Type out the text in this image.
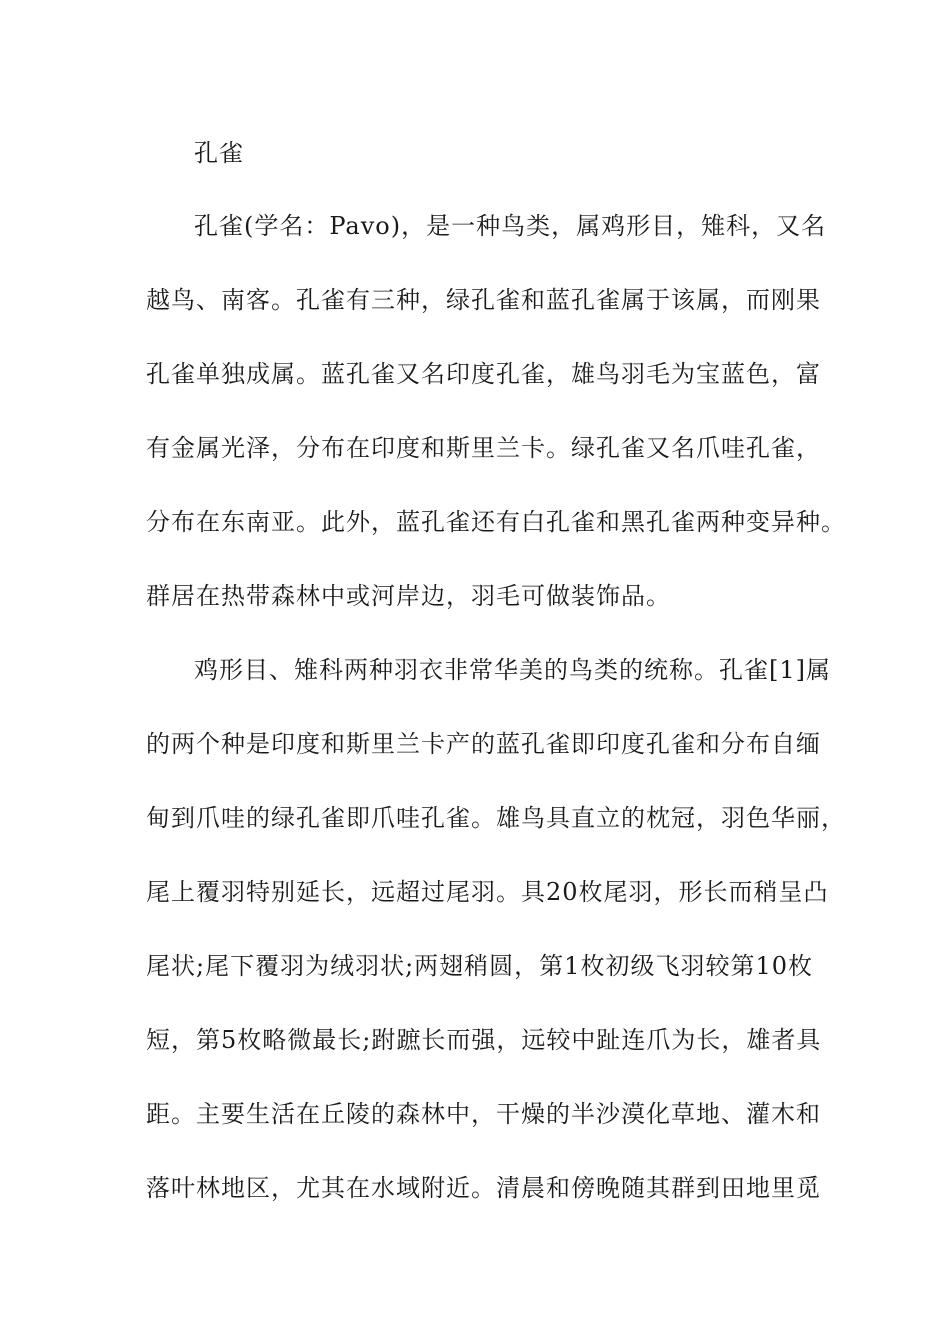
孔雀
孔雀(学名：Pavo)，是一种鸟类，属鸡形目，雉科，又名
越鸟、南客。孔雀有三种，绿孔雀和蓝孔雀属于该属，而刚果
孔雀单独成属。蓝孔雀又名印度孔雀，雄鸟羽毛为宝蓝色，富
有金属光泽，分布在印度和斯里兰卡。绿孔雀又名爪哇孔雀，
分布在东南亚。此外，蓝孔雀还有白孔雀和黑孔雀两种变异种。
群居在热带森林中或河岸边，羽毛可做装饰品。
鸡形目、雉科两种羽衣非常华美的鸟类的统称。孔雀[1]属
的两个种是印度和斯里兰卡产的蓝孔雀即印度孔雀和分布自缅
甸到爪哇的绿孔雀即爪哇孔雀。雄鸟具直立的枕冠，羽色华丽，
尾上覆羽特别延长，远超过尾羽。具20枚尾羽，形长而稍呈凸
尾状;尾下覆羽为绒羽状;两翅稍圆，第1枚初级飞羽较第10枚
短，第5枚略微最长;跗蹠长而强，远较中趾连爪为长，雄者具
距。主要生活在丘陵的森林中，干燥的半沙漠化草地、灌木和
落叶林地区，尤其在水域附近。清晨和傍晚随其群到田地里觅
